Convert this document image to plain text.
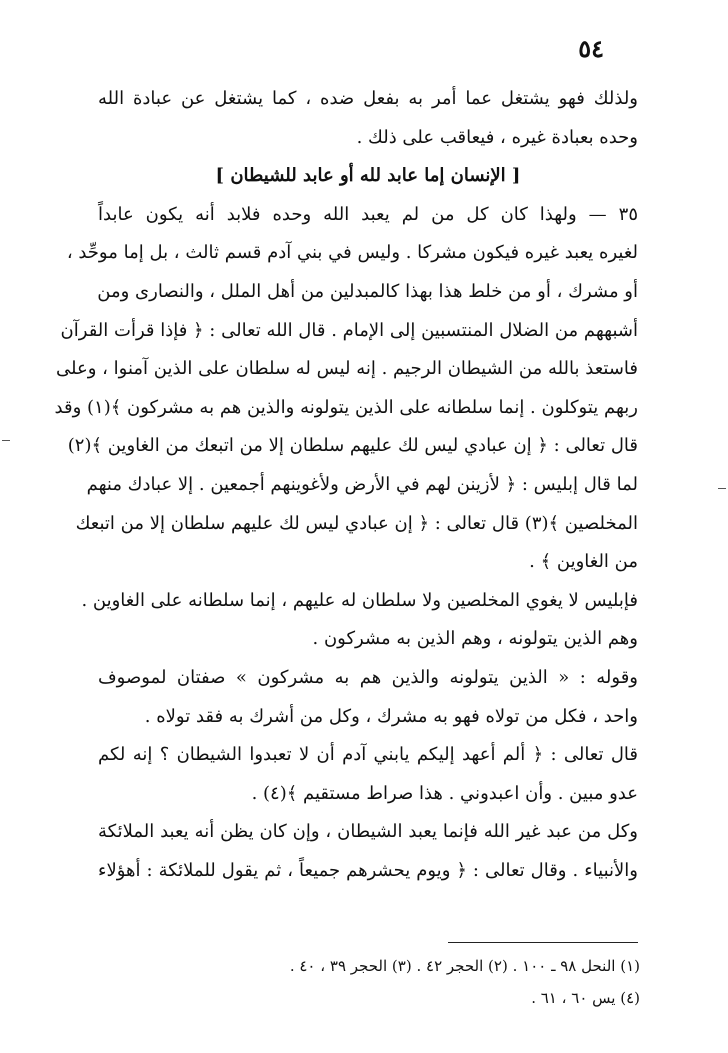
٥٤
ولذلك فهو يشتغل عما أمر به بفعل ضده ، كما يشتغل عن عبادة الله
وحده بعبادة غيره ، فيعاقب على ذلك .
[ الإنسان إما عابد لله أو عابد للشيطان ]
٣٥ — ولهذا كان كل من لم يعبد الله وحده فلابد أنه يكون عابداً
لغيره يعبد غيره فيكون مشركا . وليس في بني آدم قسم ثالث ، بل إما موحِّد ،
أو مشرك ، أو من خلط هذا بهذا كالمبدلين من أهل الملل ، والنصارى ومن
أشبههم من الضلال المنتسبين إلى الإمام . قال الله تعالى : ﴿ فإذا قرأت القرآن
فاستعذ بالله من الشيطان الرجيم . إنه ليس له سلطان على الذين آمنوا ، وعلى
ربهم يتوكلون . إنما سلطانه على الذين يتولونه والذين هم به مشركون ﴾(١) وقد
قال تعالى : ﴿ إن عبادي ليس لك عليهم سلطان إلا من اتبعك من الغاوين ﴾(٢)
لما قال إبليس : ﴿ لأزينن لهم في الأرض ولأغوينهم أجمعين . إلا عبادك منهم
المخلصين ﴾(٣) قال تعالى : ﴿ إن عبادي ليس لك عليهم سلطان إلا من اتبعك
من الغاوين ﴾ .
فإبليس لا يغوي المخلصين ولا سلطان له عليهم ، إنما سلطانه على الغاوين .
وهم الذين يتولونه ، وهم الذين به مشركون .
وقوله : « الذين يتولونه والذين هم به مشركون » صفتان لموصوف
واحد ، فكل من تولاه فهو به مشرك ، وكل من أشرك به فقد تولاه .
قال تعالى : ﴿ ألم أعهد إليكم يابني آدم أن لا تعبدوا الشيطان ؟ إنه لكم
عدو مبين . وأن اعبدوني . هذا صراط مستقيم ﴾(٤) .
وكل من عبد غير الله فإنما يعبد الشيطان ، وإن كان يظن أنه يعبد الملائكة
والأنبياء . وقال تعالى : ﴿ ويوم يحشرهم جميعاً ، ثم يقول للملائكة : أهؤلاء
(١) النحل ٩٨ ـ ١٠٠ . (٢) الحجر ٤٢ . (٣) الحجر ٣٩ ، ٤٠ .
(٤) يس ٦٠ ، ٦١ .
